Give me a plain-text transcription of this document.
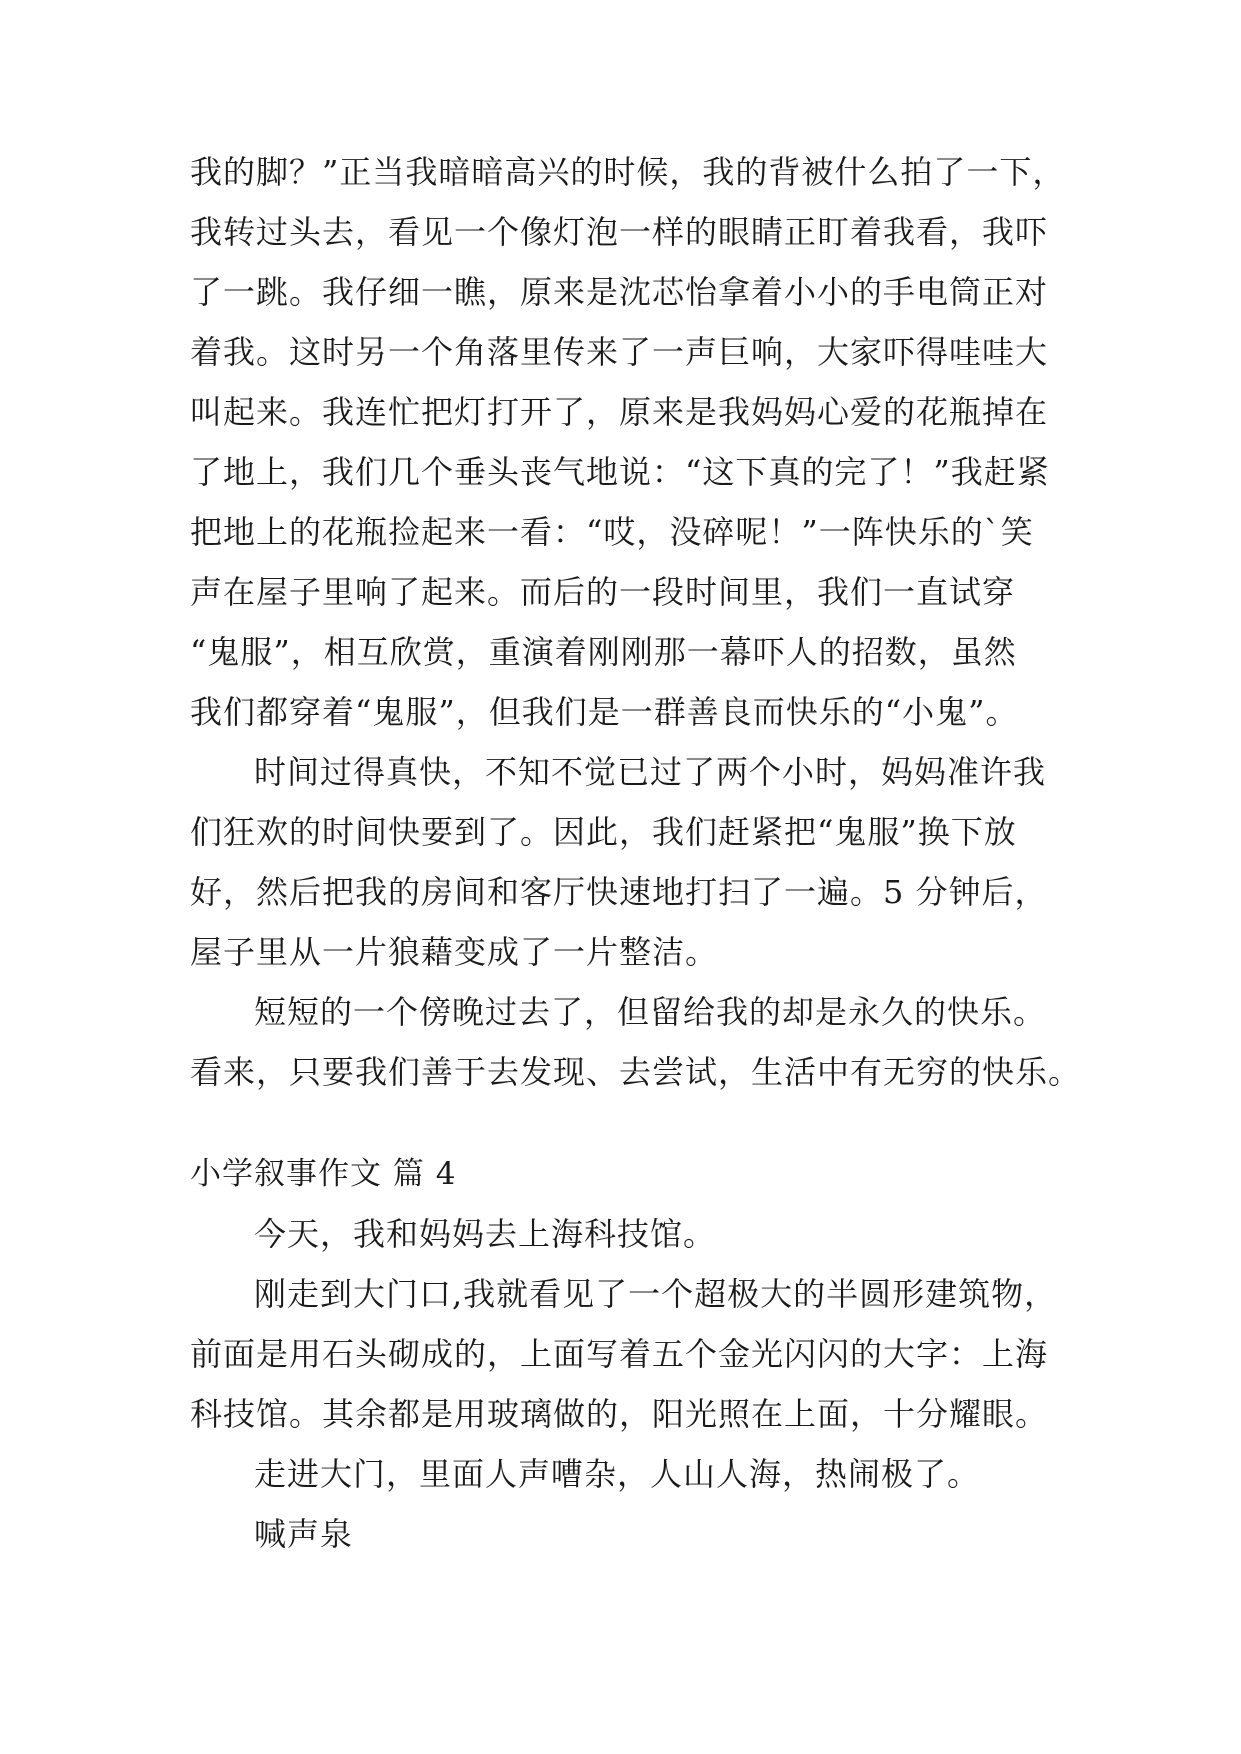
我的脚？”正当我暗暗高兴的时候，我的背被什么拍了一下，
我转过头去，看见一个像灯泡一样的眼睛正盯着我看，我吓
了一跳。我仔细一瞧，原来是沈芯怡拿着小小的手电筒正对
着我。这时另一个角落里传来了一声巨响，大家吓得哇哇大
叫起来。我连忙把灯打开了，原来是我妈妈心爱的花瓶掉在
了地上，我们几个垂头丧气地说：“这下真的完了！”我赶紧
把地上的花瓶捡起来一看：“哎，没碎呢！”一阵快乐的`笑
声在屋子里响了起来。而后的一段时间里，我们一直试穿
“鬼服”，相互欣赏，重演着刚刚那一幕吓人的招数，虽然
我们都穿着“鬼服”，但我们是一群善良而快乐的“小鬼”。
时间过得真快，不知不觉已过了两个小时，妈妈准许我
们狂欢的时间快要到了。因此，我们赶紧把“鬼服”换下放
好，然后把我的房间和客厅快速地打扫了一遍。5 分钟后，
屋子里从一片狼藉变成了一片整洁。
短短的一个傍晚过去了，但留给我的却是永久的快乐。
看来，只要我们善于去发现、去尝试，生活中有无穷的快乐。
小学叙事作文 篇 4
今天，我和妈妈去上海科技馆。
刚走到大门口,我就看见了一个超极大的半圆形建筑物，
前面是用石头砌成的，上面写着五个金光闪闪的大字：上海
科技馆。其余都是用玻璃做的，阳光照在上面，十分耀眼。
走进大门，里面人声嘈杂，人山人海，热闹极了。
喊声泉
